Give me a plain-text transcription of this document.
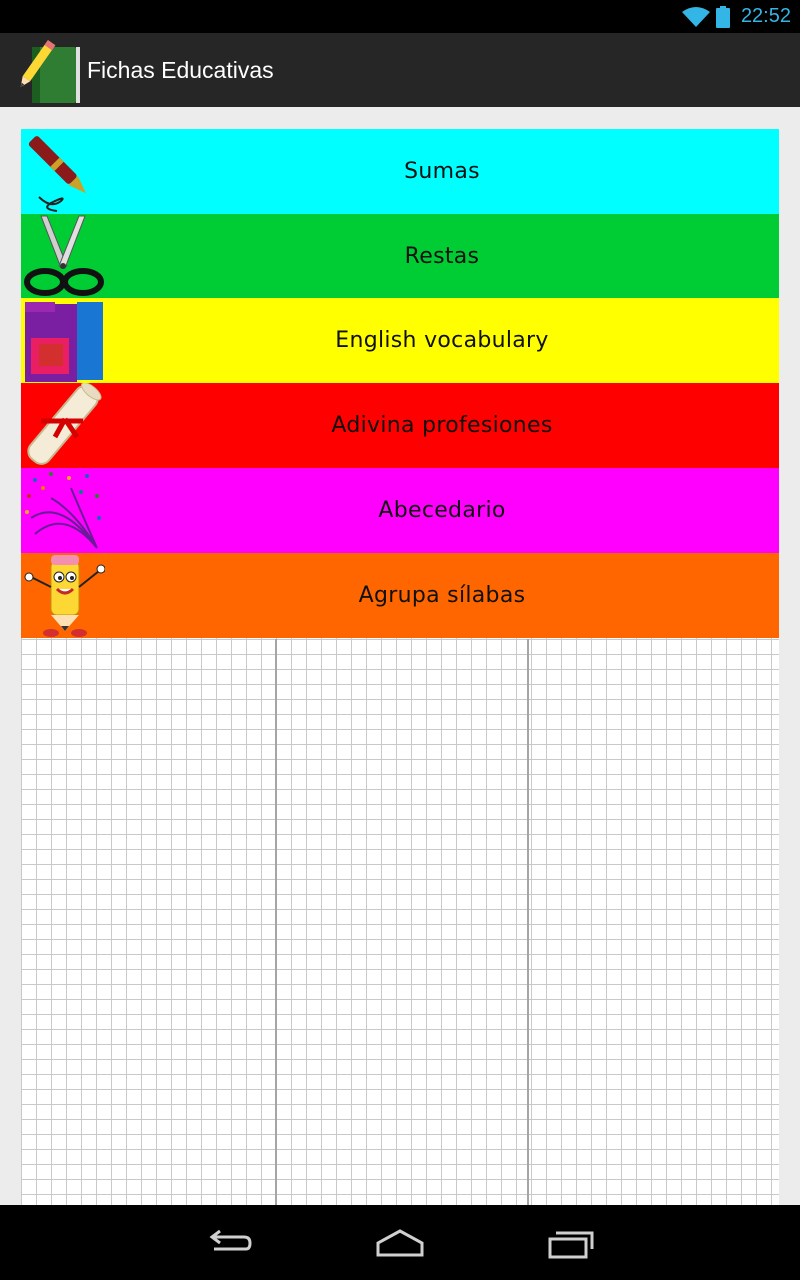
22:52
Fichas Educativas
Sumas
Restas
English vocabulary
Adivina profesiones
Abecedario
Agrupa sílabas
